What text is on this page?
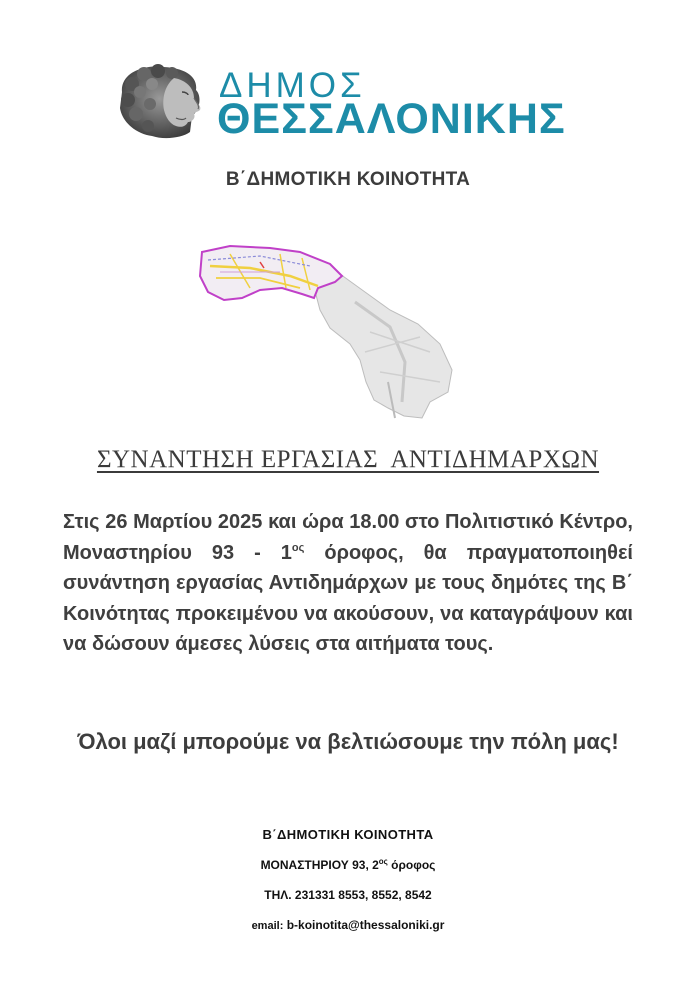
ΔΗΜΟΣ
ΘΕΣΣΑΛΟΝΙΚΗΣ
Β΄ΔΗΜΟΤΙΚΗ ΚΟΙΝΟΤΗΤΑ
ΣΥΝΑΝΤΗΣΗ ΕΡΓΑΣΙΑΣ  ΑΝΤΙΔΗΜΑΡΧΩΝ
Στις 26 Μαρτίου 2025 και ώρα 18.00 στο Πολιτιστικό Κέντρο, Μοναστηρίου $93 - 1^{o\varsigma}$ όροφος, θα πραγματοποιηθεί συνάντηση εργασίας Αντιδημάρχων με τους δημότες της Β΄ Κοινότητας προκειμένου να ακούσουν, να καταγράψουν και να δώσουν άμεσες λύσεις στα αιτήματα τους.
Όλοι μαζί μπορούμε να βελτιώσουμε την πόλη μας!
Β΄ΔΗΜΟΤΙΚΗ ΚΟΙΝΟΤΗΤΑ
ΜΟΝΑΣΤΗΡΙΟΥ 93, $2^{o\varsigma}$ όροφος
ΤΗΛ. 231331 8553, 8552, 8542
email: b-koinotita@thessaloniki.gr
